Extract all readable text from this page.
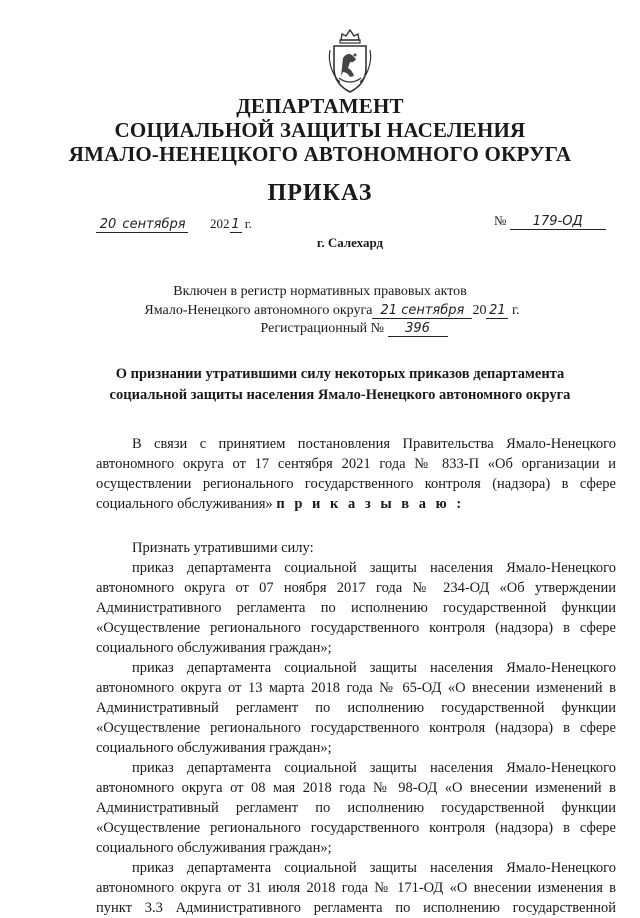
ДЕПАРТАМЕНТ
СОЦИАЛЬНОЙ ЗАЩИТЫ НАСЕЛЕНИЯ
ЯМАЛО-НЕНЕЦКОГО АВТОНОМНОГО ОКРУГА
ПРИКАЗ
20 сентября 202 1 г.	№ 179-ОД
г. Салехард
Включен в регистр нормативных правовых актов
Ямало-Ненецкого автономного округа 21 сентября 20 21 г.
Регистрационный № 396
О признании утратившими силу некоторых приказов департамента
социальной защиты населения Ямало-Ненецкого автономного округа

В связи с принятием постановления Правительства Ямало-Ненецкого автономного округа от 17 сентября 2021 года № 833-П «Об организации и осуществлении регионального государственного контроля (надзора) в сфере социального обслуживания» п р и к а з ы в а ю :

Признать утратившими силу:

приказ департамента социальной защиты населения Ямало-Ненецкого автономного округа от 07 ноября 2017 года № 234-ОД «Об утверждении Административного регламента по исполнению государственной функции «Осуществление регионального государственного контроля (надзора) в сфере социального обслуживания граждан»;

приказ департамента социальной защиты населения Ямало-Ненецкого автономного округа от 13 марта 2018 года № 65-ОД «О внесении изменений в Административный регламент по исполнению государственной функции «Осуществление регионального государственного контроля (надзора) в сфере социального обслуживания граждан»;

приказ департамента социальной защиты населения Ямало-Ненецкого автономного округа от 08 мая 2018 года № 98-ОД «О внесении изменений в Административный регламент по исполнению государственной функции «Осуществление регионального государственного контроля (надзора) в сфере социального обслуживания граждан»;

приказ департамента социальной защиты населения Ямало-Ненецкого автономного округа от 31 июля 2018 года № 171-ОД «О внесении изменения в пункт 3.3 Административного регламента по исполнению государственной
